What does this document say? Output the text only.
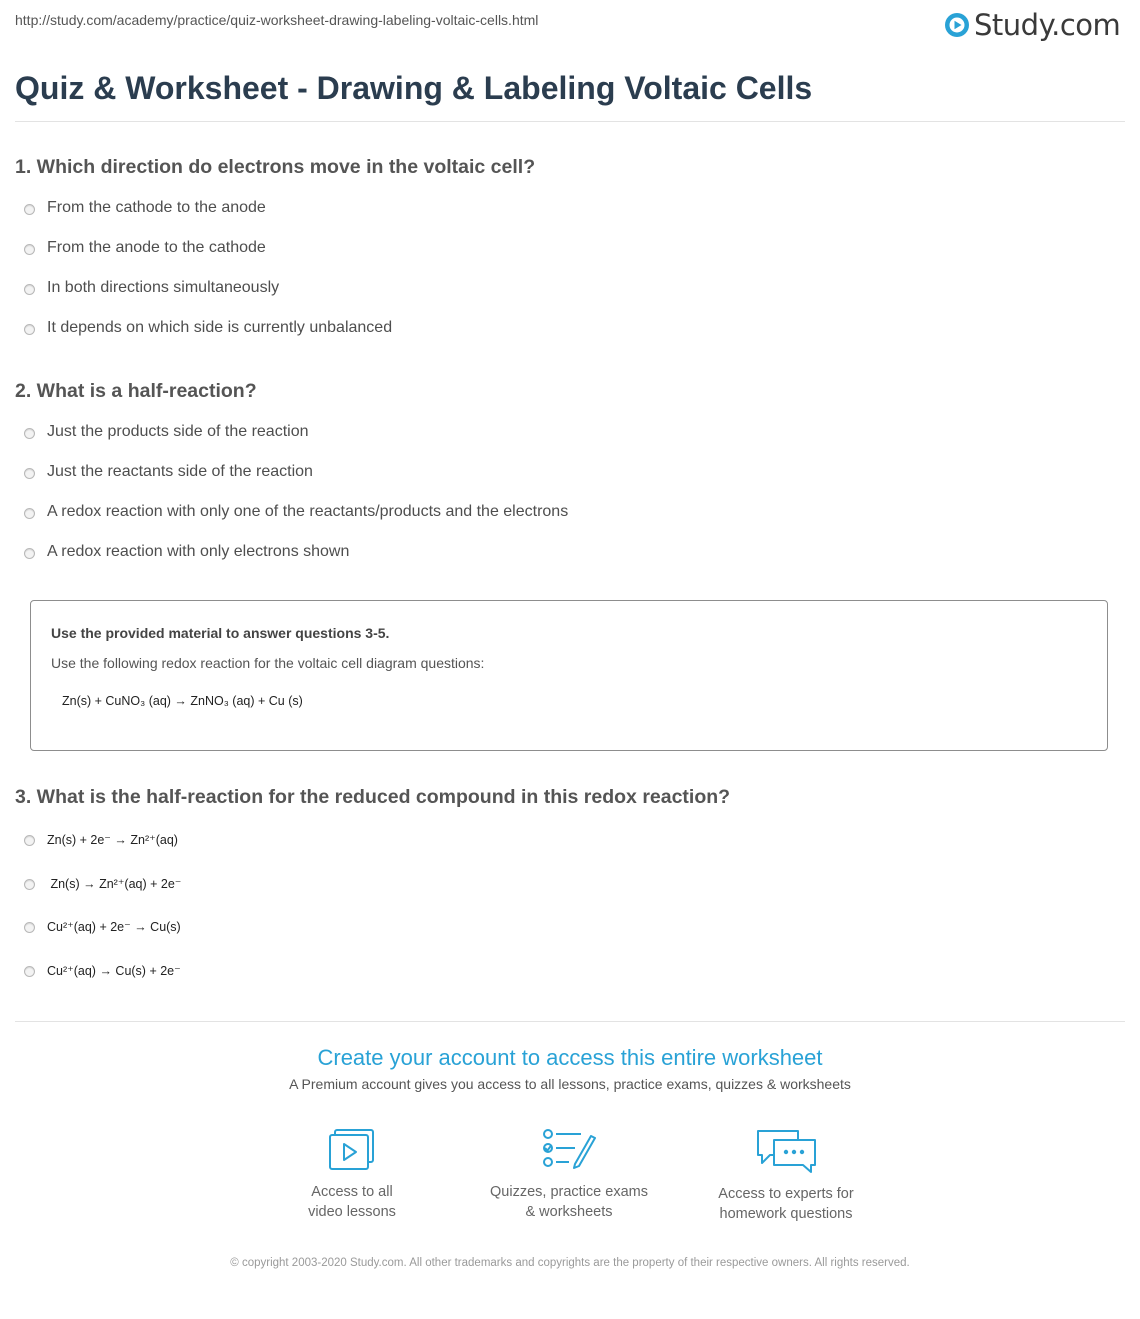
http://study.com/academy/practice/quiz-worksheet-drawing-labeling-voltaic-cells.html	Study.com
Quiz & Worksheet - Drawing & Labeling Voltaic Cells
1. Which direction do electrons move in the voltaic cell?
From the cathode to the anode
From the anode to the cathode
In both directions simultaneously
It depends on which side is currently unbalanced
2. What is a half-reaction?
Just the products side of the reaction
Just the reactants side of the reaction
A redox reaction with only one of the reactants/products and the electrons
A redox reaction with only electrons shown
Use the provided material to answer questions 3-5.
Use the following redox reaction for the voltaic cell diagram questions:
Zn(s) + CuNO₃ (aq) → ZnNO₃ (aq) + Cu (s)
3. What is the half-reaction for the reduced compound in this redox reaction?
Zn(s) + 2e⁻ → Zn²⁺(aq)
Zn(s) → Zn²⁺(aq) + 2e⁻
Cu²⁺(aq) + 2e⁻ → Cu(s)
Cu²⁺(aq) → Cu(s) + 2e⁻
Create your account to access this entire worksheet
A Premium account gives you access to all lessons, practice exams, quizzes & worksheets
Access to all
video lessons
Quizzes, practice exams
& worksheets
Access to experts for
homework questions
© copyright 2003-2020 Study.com. All other trademarks and copyrights are the property of their respective owners. All rights reserved.
